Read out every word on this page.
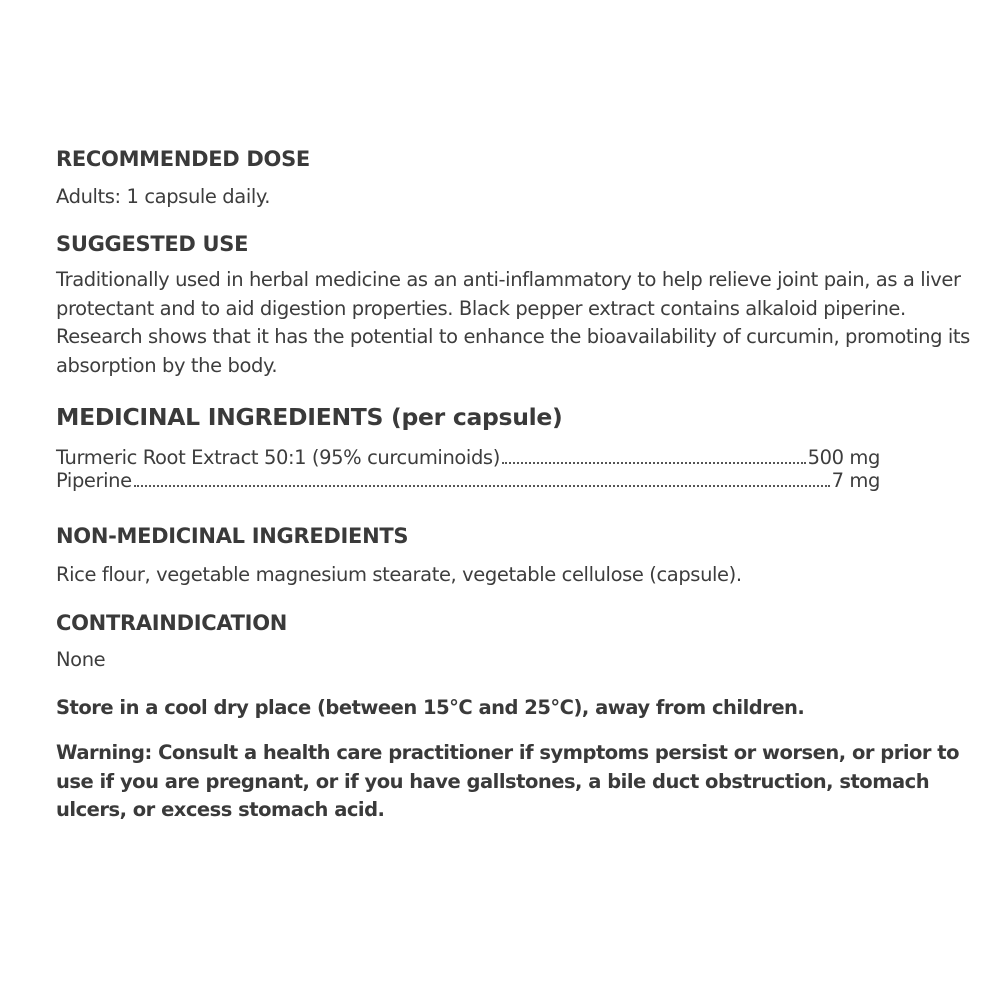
RECOMMENDED DOSE
Adults: 1 capsule daily.
SUGGESTED USE
Traditionally used in herbal medicine as an anti-inflammatory to help relieve joint pain, as a liver protectant and to aid digestion properties. Black pepper extract contains alkaloid piperine. Research shows that it has the potential to enhance the bioavailability of curcumin, promoting its absorption by the body.
MEDICINAL INGREDIENTS (per capsule)
Turmeric Root Extract 50:1 (95% curcuminoids)	500 mg
Piperine	7 mg
NON-MEDICINAL INGREDIENTS
Rice flour, vegetable magnesium stearate, vegetable cellulose (capsule).
CONTRAINDICATION
None
Store in a cool dry place (between 15°C and 25°C), away from children.
Warning: Consult a health care practitioner if symptoms persist or worsen, or prior to use if you are pregnant, or if you have gallstones, a bile duct obstruction, stomach ulcers, or excess stomach acid.
